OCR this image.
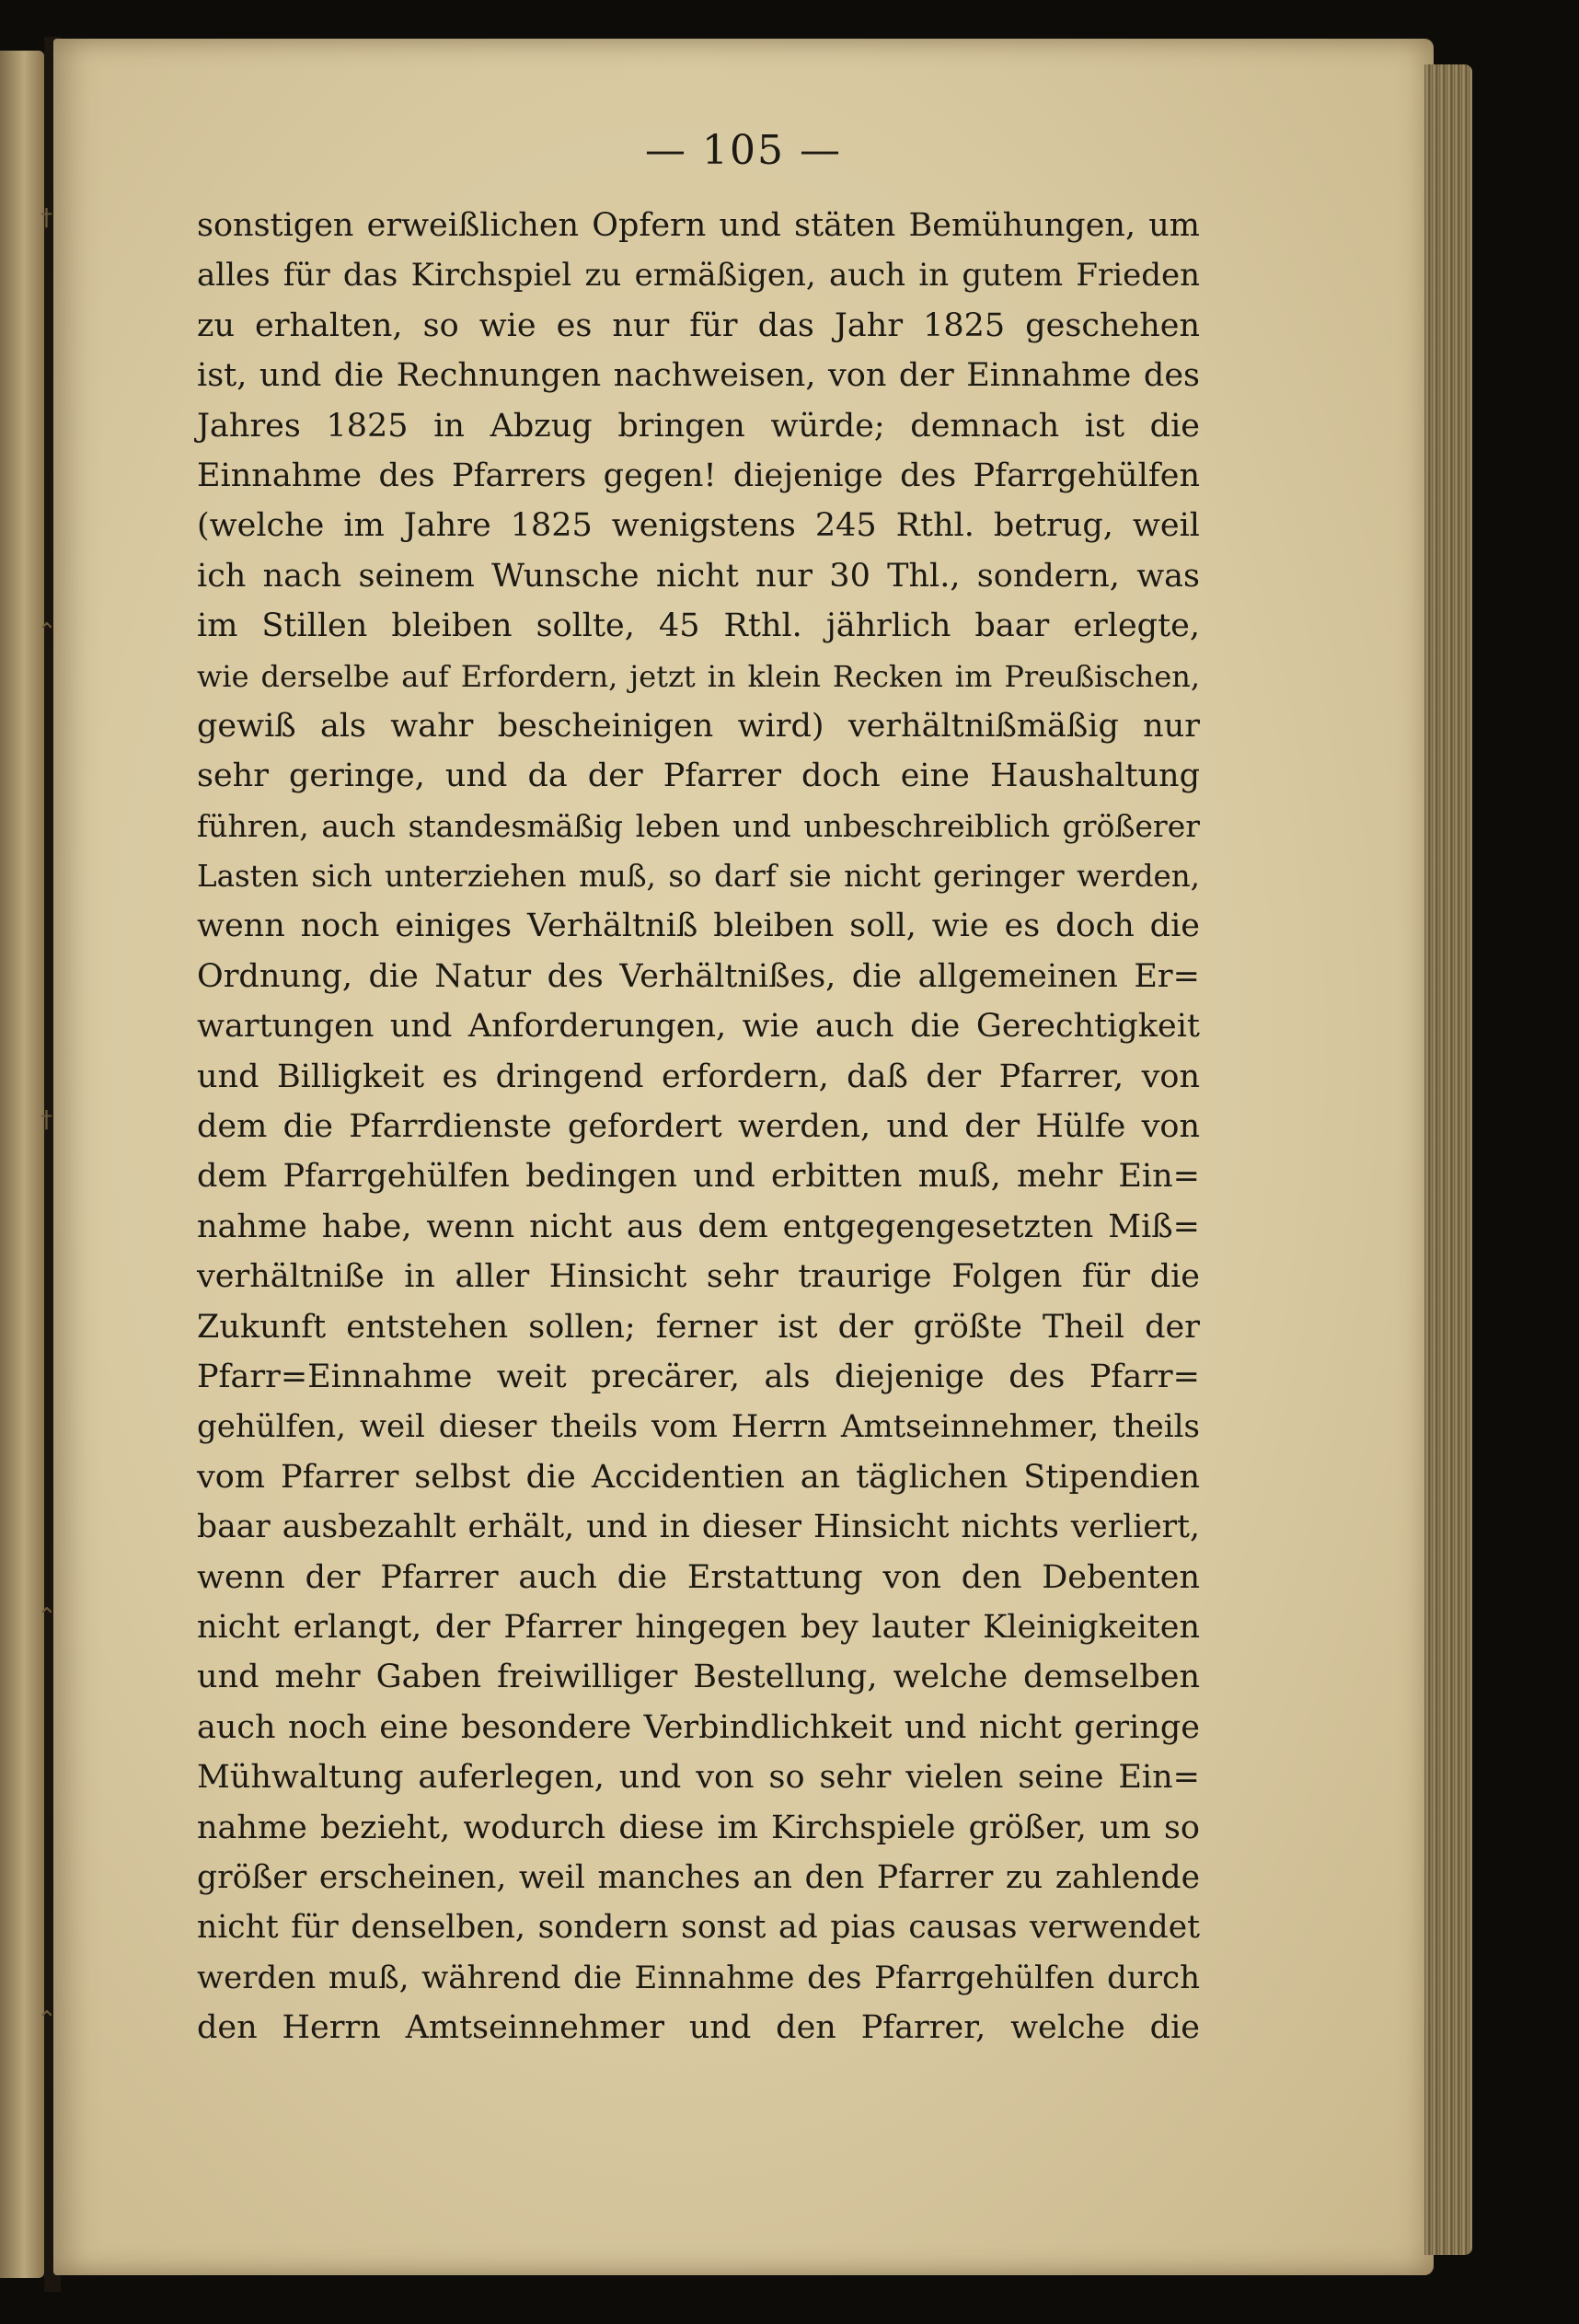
†
⌃
†
⌃
⌃
— 105 —
sonstigen erweißlichen Opfern und stäten Bemühungen, um
alles für das Kirchspiel zu ermäßigen, auch in gutem Frieden
zu erhalten, so wie es nur für das Jahr 1825 geschehen
ist, und die Rechnungen nachweisen, von der Einnahme des
Jahres 1825 in Abzug bringen würde; demnach ist die
Einnahme des Pfarrers gegen! diejenige des Pfarrgehülfen
(welche im Jahre 1825 wenigstens 245 Rthl. betrug, weil
ich nach seinem Wunsche nicht nur 30 Thl., sondern, was
im Stillen bleiben sollte, 45 Rthl. jährlich baar erlegte,
wie derselbe auf Erfordern, jetzt in klein Recken im Preußischen,
gewiß als wahr bescheinigen wird) verhältnißmäßig nur
sehr geringe, und da der Pfarrer doch eine Haushaltung
führen, auch standesmäßig leben und unbeschreiblich größerer
Lasten sich unterziehen muß, so darf sie nicht geringer werden,
wenn noch einiges Verhältniß bleiben soll, wie es doch die
Ordnung, die Natur des Verhältnißes, die allgemeinen Er=
wartungen und Anforderungen, wie auch die Gerechtigkeit
und Billigkeit es dringend erfordern, daß der Pfarrer, von
dem die Pfarrdienste gefordert werden, und der Hülfe von
dem Pfarrgehülfen bedingen und erbitten muß, mehr Ein=
nahme habe, wenn nicht aus dem entgegengesetzten Miß=
verhältniße in aller Hinsicht sehr traurige Folgen für die
Zukunft entstehen sollen; ferner ist der größte Theil der
Pfarr=Einnahme weit precärer, als diejenige des Pfarr=
gehülfen, weil dieser theils vom Herrn Amtseinnehmer, theils
vom Pfarrer selbst die Accidentien an täglichen Stipendien
baar ausbezahlt erhält, und in dieser Hinsicht nichts verliert,
wenn der Pfarrer auch die Erstattung von den Debenten
nicht erlangt, der Pfarrer hingegen bey lauter Kleinigkeiten
und mehr Gaben freiwilliger Bestellung, welche demselben
auch noch eine besondere Verbindlichkeit und nicht geringe
Mühwaltung auferlegen, und von so sehr vielen seine Ein=
nahme bezieht, wodurch diese im Kirchspiele größer, um so
größer erscheinen, weil manches an den Pfarrer zu zahlende
nicht für denselben, sondern sonst ad pias causas verwendet
werden muß, während die Einnahme des Pfarrgehülfen durch
den Herrn Amtseinnehmer und den Pfarrer, welche die
